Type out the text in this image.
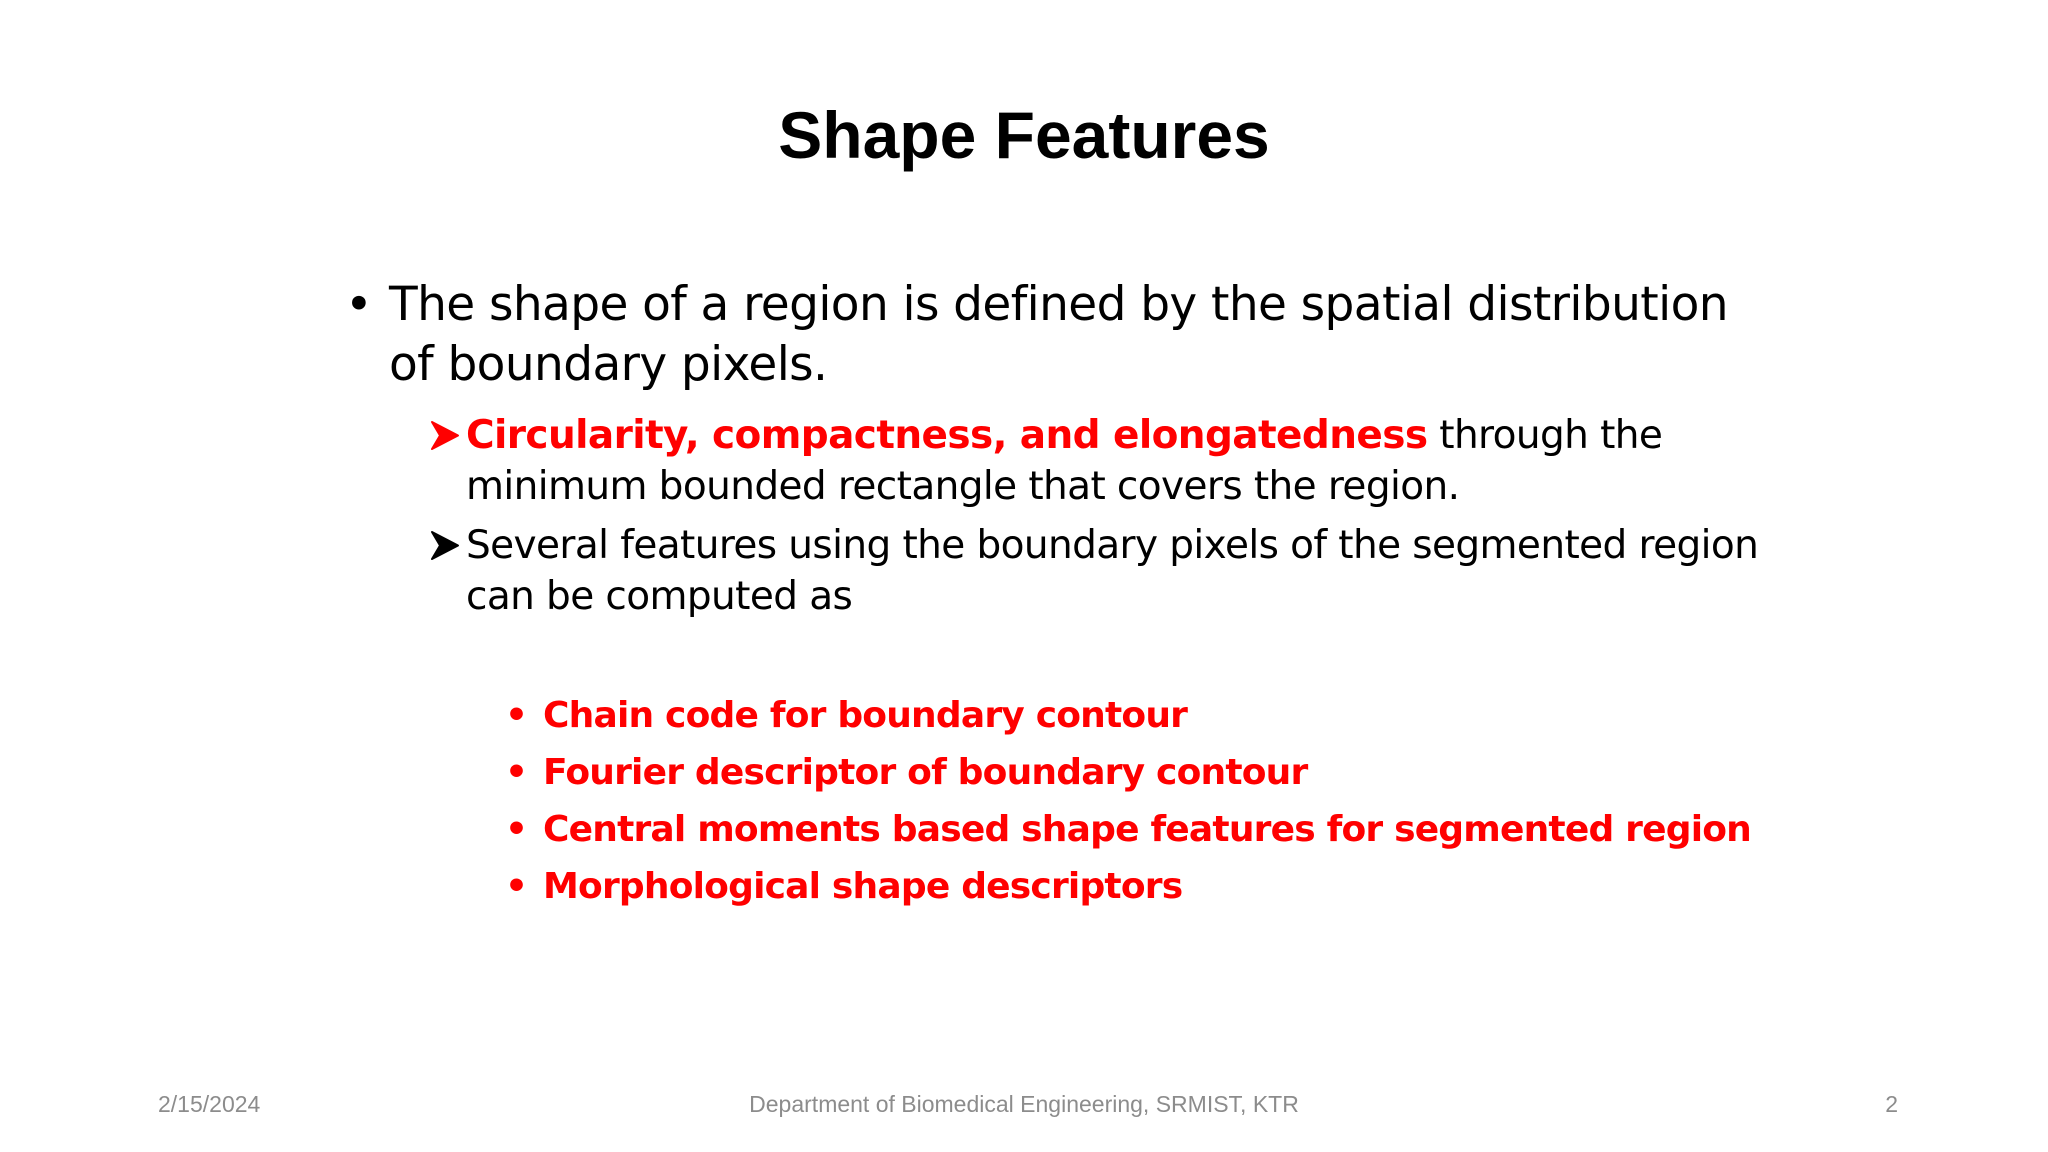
Shape Features
• The shape of a region is defined by the spatial distribution of boundary pixels.
Circularity, compactness, and elongatedness through the minimum bounded rectangle that covers the region.
Several features using the boundary pixels of the segmented region can be computed as
• Chain code for boundary contour
• Fourier descriptor of boundary contour
• Central moments based shape features for segmented region
• Morphological shape descriptors
2/15/2024	Department of Biomedical Engineering, SRMIST, KTR	2
